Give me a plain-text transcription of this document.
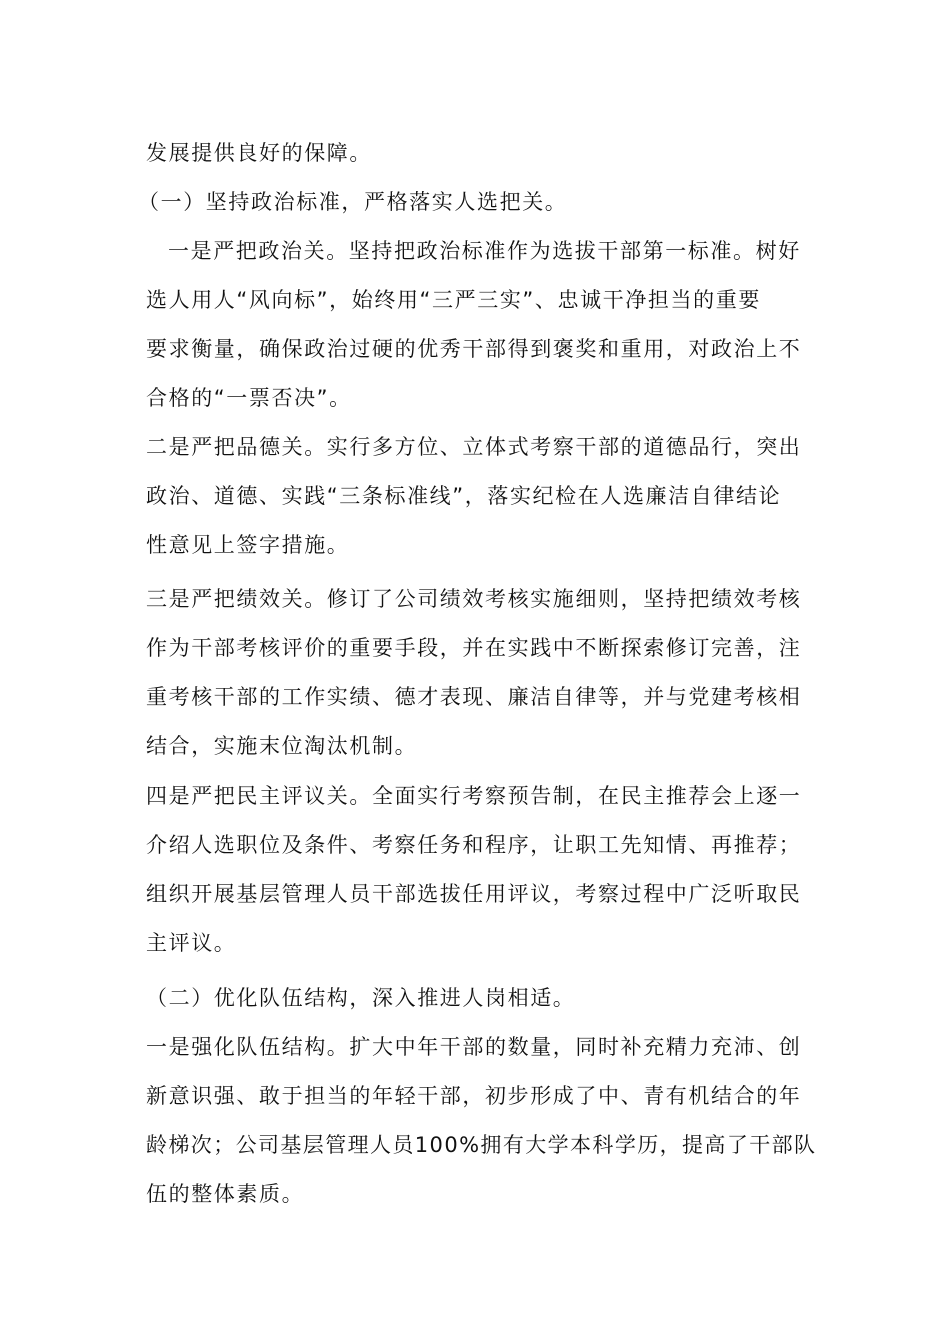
发展提供良好的保障。

（一）坚持政治标准，严格落实人选把关。

一是严把政治关。坚持把政治标准作为选拔干部第一标准。树好

选人用人“风向标”，始终用“三严三实”、忠诚干净担当的重要

要求衡量，确保政治过硬的优秀干部得到褒奖和重用，对政治上不

合格的“一票否决”。

二是严把品德关。实行多方位、立体式考察干部的道德品行，突出

政治、道德、实践“三条标准线”，落实纪检在人选廉洁自律结论

性意见上签字措施。

三是严把绩效关。修订了公司绩效考核实施细则，坚持把绩效考核

作为干部考核评价的重要手段，并在实践中不断探索修订完善，注

重考核干部的工作实绩、德才表现、廉洁自律等，并与党建考核相

结合，实施末位淘汰机制。

四是严把民主评议关。全面实行考察预告制，在民主推荐会上逐一

介绍人选职位及条件、考察任务和程序，让职工先知情、再推荐；

组织开展基层管理人员干部选拔任用评议，考察过程中广泛听取民

主评议。

（二）优化队伍结构，深入推进人岗相适。

一是强化队伍结构。扩大中年干部的数量，同时补充精力充沛、创

新意识强、敢于担当的年轻干部，初步形成了中、青有机结合的年

龄梯次；公司基层管理人员100%拥有大学本科学历，提高了干部队

伍的整体素质。
